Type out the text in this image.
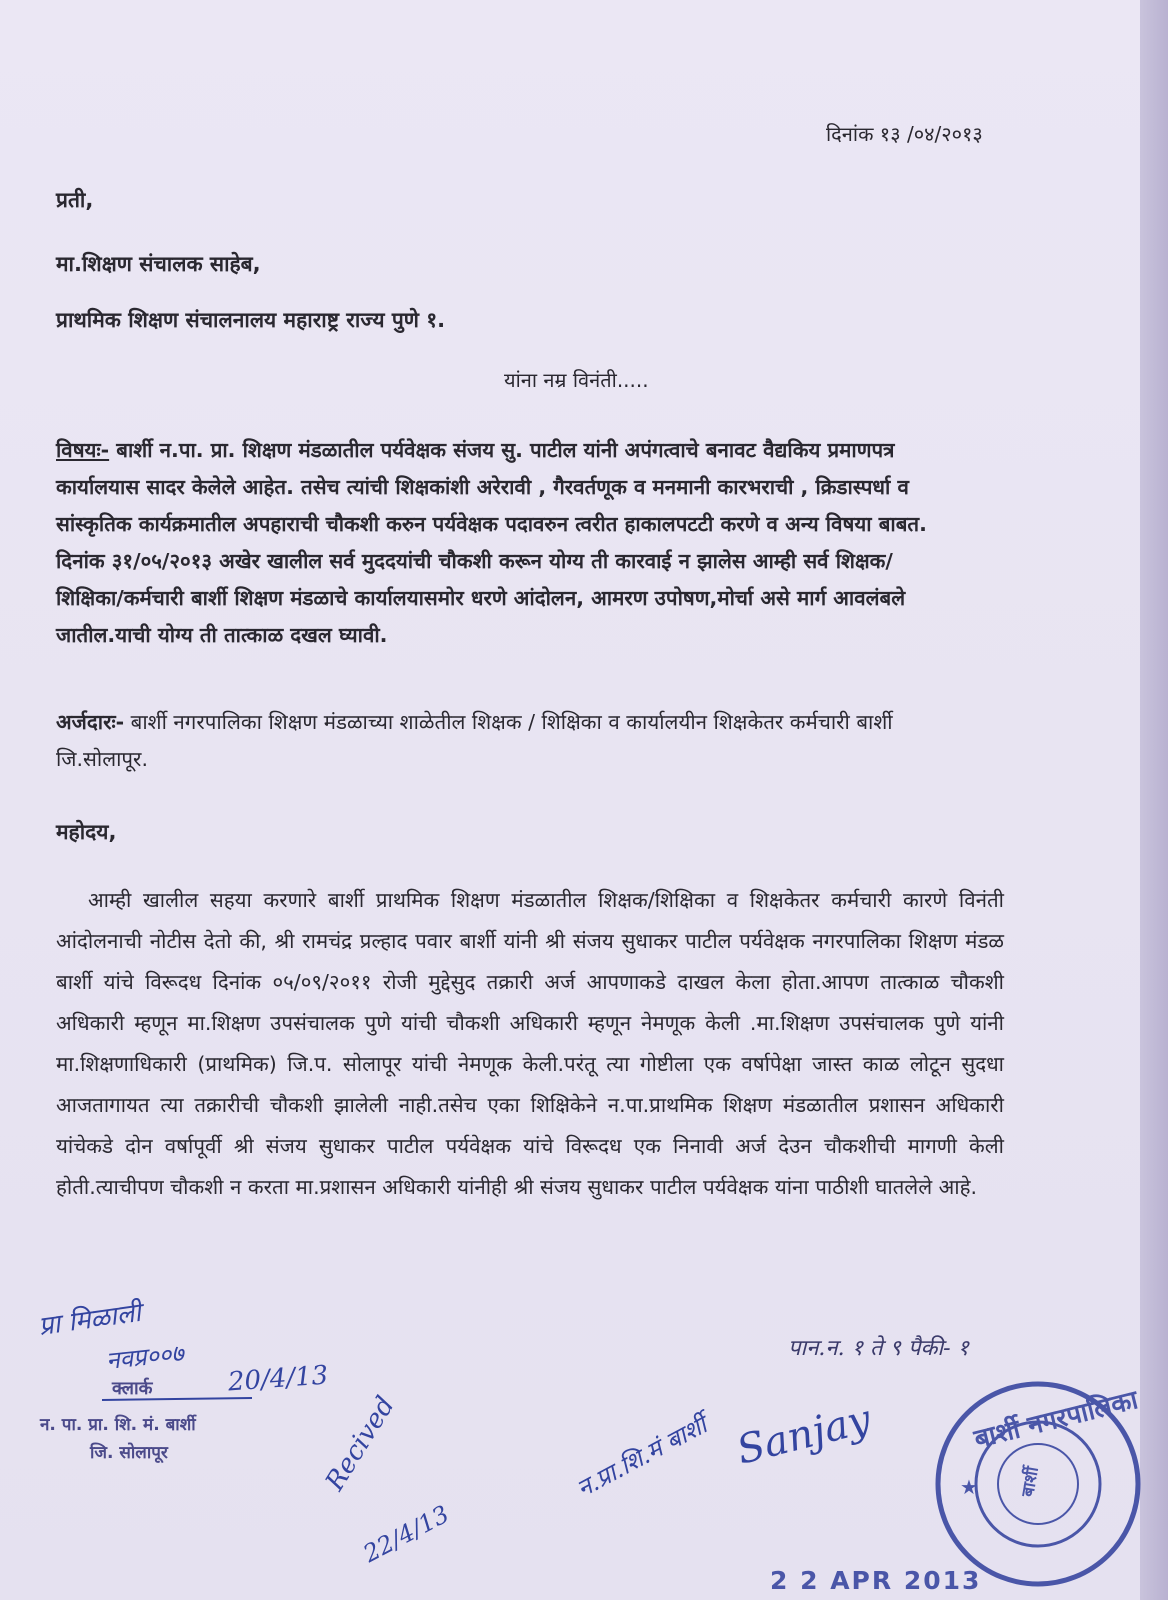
दिनांक १३ /०४/२०१३
प्रती,
मा.शिक्षण संचालक साहेब,
प्राथमिक शिक्षण संचालनालय महाराष्ट्र राज्य पुणे १.
यांना नम्र विनंती.....
विषयः- बार्शी न.पा. प्रा. शिक्षण मंडळातील पर्यवेक्षक संजय सु. पाटील यांनी अपंगत्वाचे बनावट वैद्यकिय प्रमाणपत्र कार्यालयास सादर केलेले आहेत. तसेच त्यांची शिक्षकांशी अरेरावी , गैरवर्तणूक व मनमानी कारभराची , क्रिडास्पर्धा व सांस्कृतिक कार्यक्रमातील अपहाराची चौकशी करुन पर्यवेक्षक पदावरुन त्वरीत हाकालपटटी करणे व अन्य विषया बाबत. दिनांक ३१/०५/२०१३ अखेर खालील सर्व मुददयांची चौकशी करून योग्य ती कारवाई न झालेस आम्ही सर्व शिक्षक/शिक्षिका/कर्मचारी बार्शी शिक्षण मंडळाचे कार्यालयासमोर धरणे आंदोलन, आमरण उपोषण,मोर्चा असे मार्ग आवलंबले जातील.याची योग्य ती तात्काळ दखल घ्यावी.
अर्जदारः- बार्शी नगरपालिका शिक्षण मंडळाच्या शाळेतील शिक्षक / शिक्षिका व कार्यालयीन शिक्षकेतर कर्मचारी बार्शी जि.सोलापूर.
महोदय,
आम्ही खालील सहया करणारे बार्शी प्राथमिक शिक्षण मंडळातील शिक्षक/शिक्षिका व शिक्षकेतर कर्मचारी कारणे विनंती आंदोलनाची नोटीस देतो की, श्री रामचंद्र प्रल्हाद पवार बार्शी यांनी श्री संजय सुधाकर पाटील पर्यवेक्षक नगरपालिका शिक्षण मंडळ बार्शी यांचे विरूदध दिनांक ०५/०९/२०११ रोजी मुद्देसुद तक्रारी अर्ज आपणाकडे दाखल केला होता.आपण तात्काळ चौकशी अधिकारी म्हणून मा.शिक्षण उपसंचालक पुणे यांची चौकशी अधिकारी म्हणून नेमणूक केली .मा.शिक्षण उपसंचालक पुणे यांनी मा.शिक्षणाधिकारी (प्राथमिक) जि.प. सोलापूर यांची नेमणूक केली.परंतू त्या गोष्टीला एक वर्षापेक्षा जास्त काळ लोटून सुदधा आजतागायत त्या तक्रारीची चौकशी झालेली नाही.तसेच एका शिक्षिकेने न.पा.प्राथमिक शिक्षण मंडळातील प्रशासन अधिकारी यांचेकडे दोन वर्षापूर्वी श्री संजय सुधाकर पाटील पर्यवेक्षक यांचे विरूदध एक निनावी अर्ज देउन चौकशीची मागणी केली होती.त्याचीपण चौकशी न करता मा.प्रशासन अधिकारी यांनीही श्री संजय सुधाकर पाटील पर्यवेक्षक यांना पाठीशी घातलेले आहे.
पान.न. १ ते ९ पैकी- १
प्रा मिळाली
नवप्र००७
क्लार्क	20/4/13
न. पा. प्रा. शि. मं. बार्शी
जि. सोलापूर	Recived
22/4/13
न.प्रा.शि.मं बार्शी Sanjay
★
बार्शी नगरपालिका
बार्शी
2 2 APR 2013
